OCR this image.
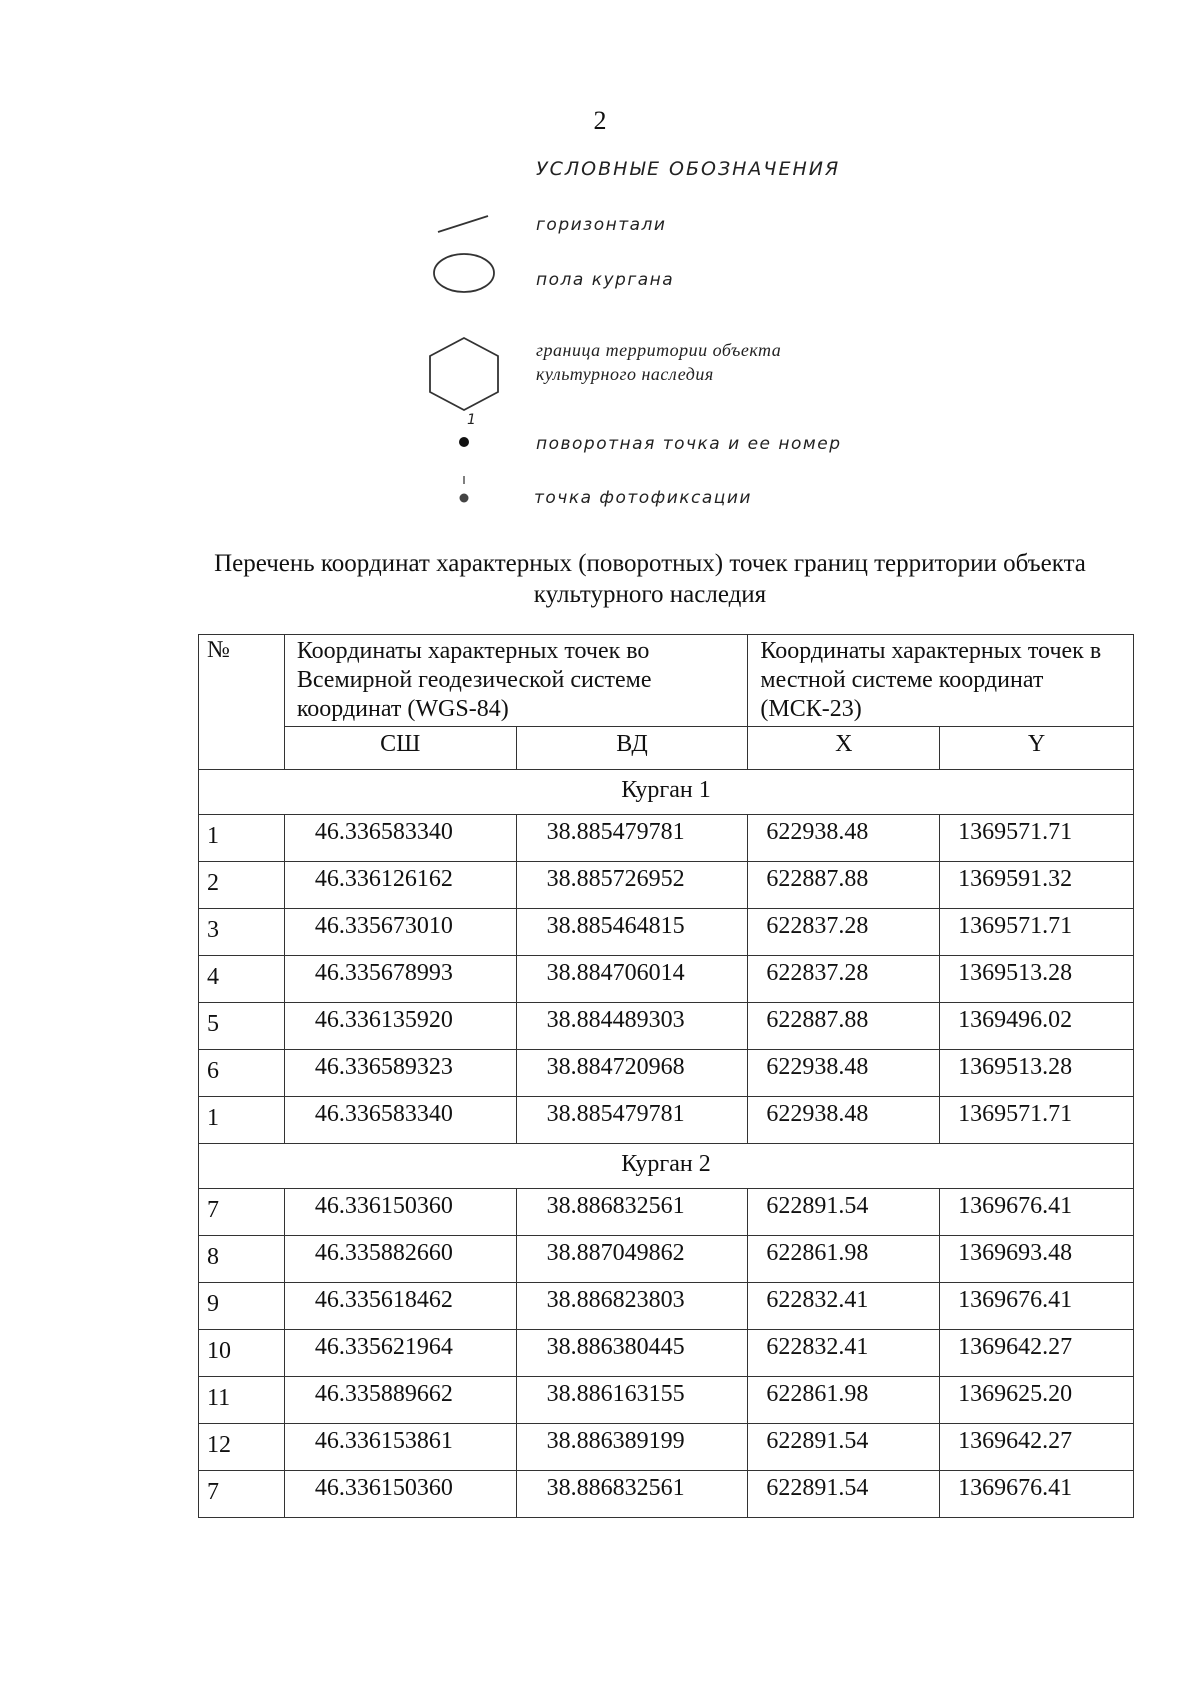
2
УСЛОВНЫЕ ОБОЗНАЧЕНИЯ
горизонтали
пола кургана
граница территории объекта культурного наследия
1
поворотная точка и ее номер
точка фотофиксации
Перечень координат характерных (поворотных) точек границ территории объекта культурного наследия
№	Координаты характерных точек во Всемирной геодезической системе координат (WGS-84)		Координаты характерных точек в местной системе координат (МСК-23)	
	СШ	ВД	X	Y
Курган 1				
1	46.336583340	38.885479781	622938.48	1369571.71
2	46.336126162	38.885726952	622887.88	1369591.32
3	46.335673010	38.885464815	622837.28	1369571.71
4	46.335678993	38.884706014	622837.28	1369513.28
5	46.336135920	38.884489303	622887.88	1369496.02
6	46.336589323	38.884720968	622938.48	1369513.28
1	46.336583340	38.885479781	622938.48	1369571.71
Курган 2				
7	46.336150360	38.886832561	622891.54	1369676.41
8	46.335882660	38.887049862	622861.98	1369693.48
9	46.335618462	38.886823803	622832.41	1369676.41
10	46.335621964	38.886380445	622832.41	1369642.27
11	46.335889662	38.886163155	622861.98	1369625.20
12	46.336153861	38.886389199	622891.54	1369642.27
7	46.336150360	38.886832561	622891.54	1369676.41
